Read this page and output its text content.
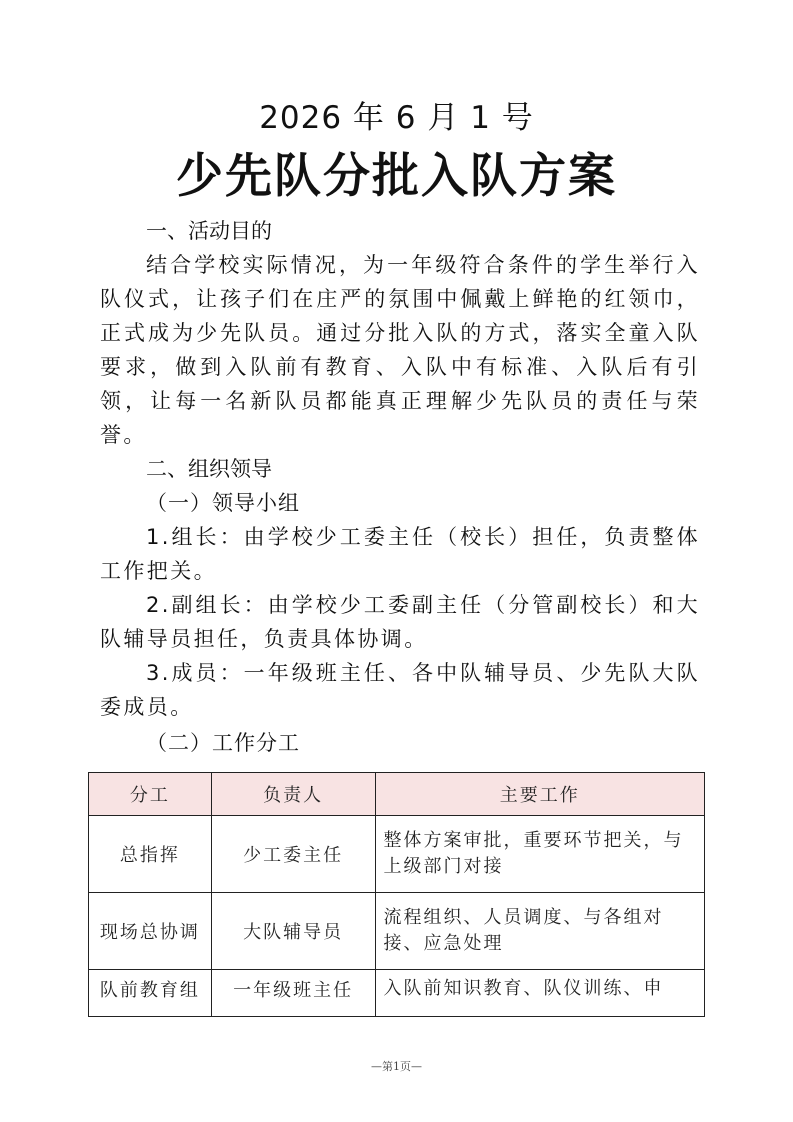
2026 年 6 月 1 号
少先队分批入队方案

一、活动目的

结合学校实际情况，为一年级符合条件的学生举行入队仪式，让孩子们在庄严的氛围中佩戴上鲜艳的红领巾，正式成为少先队员。通过分批入队的方式，落实全童入队要求，做到入队前有教育、入队中有标准、入队后有引领，让每一名新队员都能真正理解少先队员的责任与荣誉。

二、组织领导

（一）领导小组

1.组长：由学校少工委主任（校长）担任，负责整体工作把关。

2.副组长：由学校少工委副主任（分管副校长）和大队辅导员担任，负责具体协调。

3.成员：一年级班主任、各中队辅导员、少先队大队委成员。

（二）工作分工

分工	负责人	主要工作
总指挥	少工委主任	整体方案审批，重要环节把关，与上级部门对接
现场总协调	大队辅导员	流程组织、人员调度、与各组对接、应急处理
队前教育组	一年级班主任	入队前知识教育、队仪训练、申
—第1页—
